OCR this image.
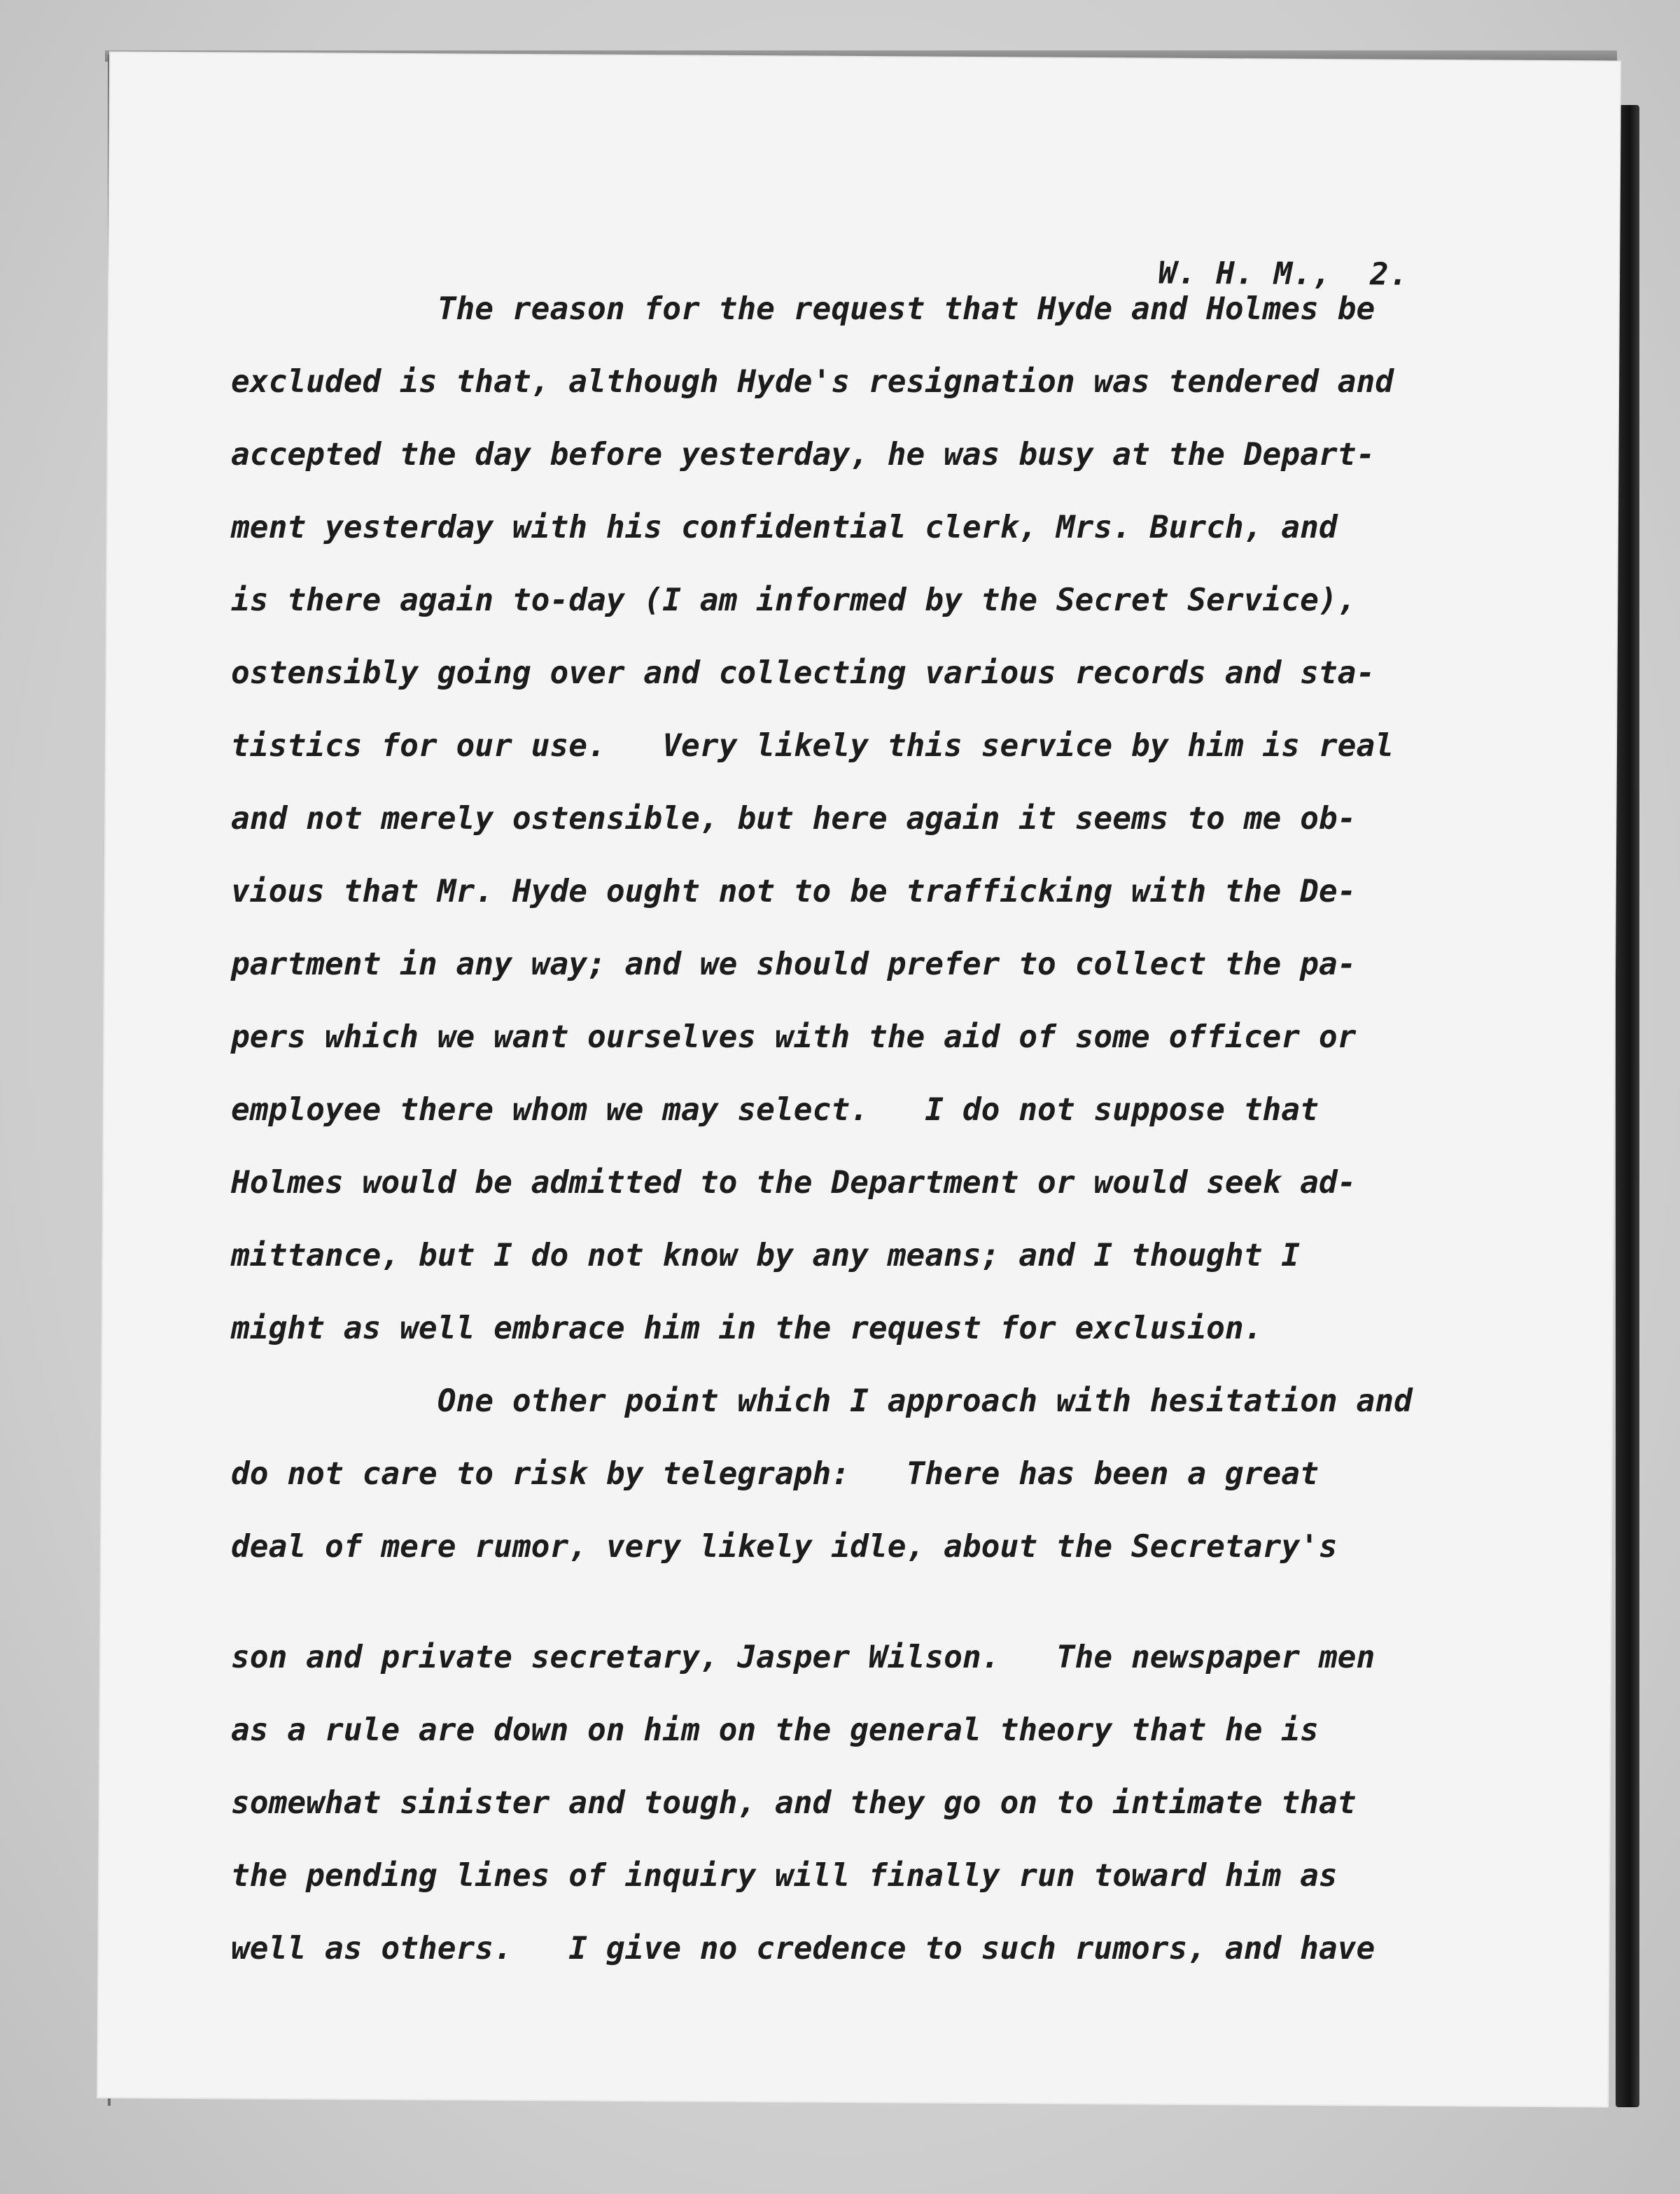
W. H. M.,  2.
The reason for the request that Hyde and Holmes be
excluded is that, although Hyde's resignation was tendered and
accepted the day before yesterday, he was busy at the Depart-
ment yesterday with his confidential clerk, Mrs. Burch, and
is there again to-day (I am informed by the Secret Service),
ostensibly going over and collecting various records and sta-
tistics for our use.   Very likely this service by him is real
and not merely ostensible, but here again it seems to me ob-
vious that Mr. Hyde ought not to be trafficking with the De-
partment in any way; and we should prefer to collect the pa-
pers which we want ourselves with the aid of some officer or
employee there whom we may select.   I do not suppose that
Holmes would be admitted to the Department or would seek ad-
mittance, but I do not know by any means; and I thought I
might as well embrace him in the request for exclusion.
One other point which I approach with hesitation and
do not care to risk by telegraph:   There has been a great
deal of mere rumor, very likely idle, about the Secretary's
son and private secretary, Jasper Wilson.   The newspaper men
as a rule are down on him on the general theory that he is
somewhat sinister and tough, and they go on to intimate that
the pending lines of inquiry will finally run toward him as
well as others.   I give no credence to such rumors, and have
